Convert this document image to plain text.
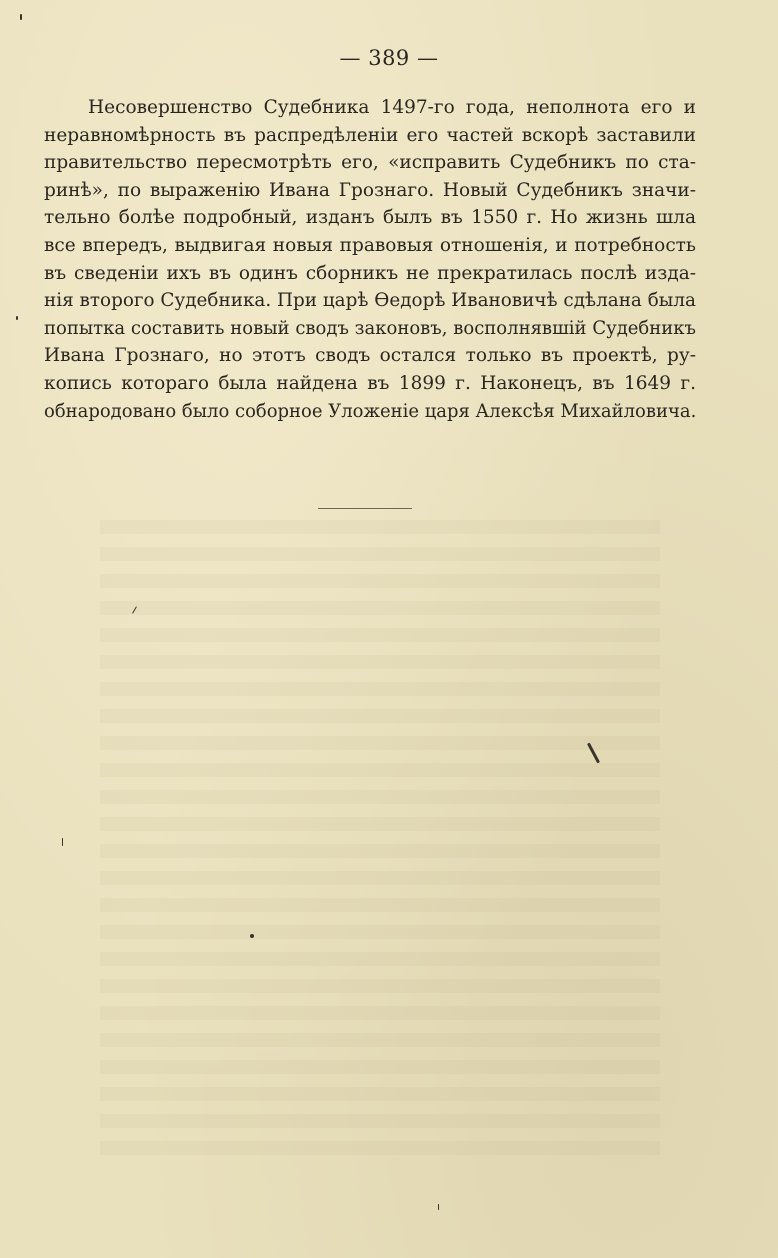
— 389 —
Несовершенство Судебника 1497-го года, неполнота его и
неравномѣрность въ распредѣленіи его частей вскорѣ заставили
правительство пересмотрѣть его, «исправить Судебникъ по ста-
ринѣ», по выраженію Ивана Грознаго. Новый Судебникъ значи-
тельно болѣе подробный, изданъ былъ въ 1550 г. Но жизнь шла
все впередъ, выдвигая новыя правовыя отношенія, и потребность
въ сведеніи ихъ въ одинъ сборникъ не прекратилась послѣ изда-
нія второго Судебника. При царѣ Ѳедорѣ Ивановичѣ сдѣлана была
попытка составить новый сводъ законовъ, восполнявшій Судебникъ
Ивана Грознаго, но этотъ сводъ остался только въ проектѣ, ру-
копись котораго была найдена въ 1899 г. Наконецъ, въ 1649 г.
обнародовано было соборное Уложеніе царя Алексѣя Михайловича.
